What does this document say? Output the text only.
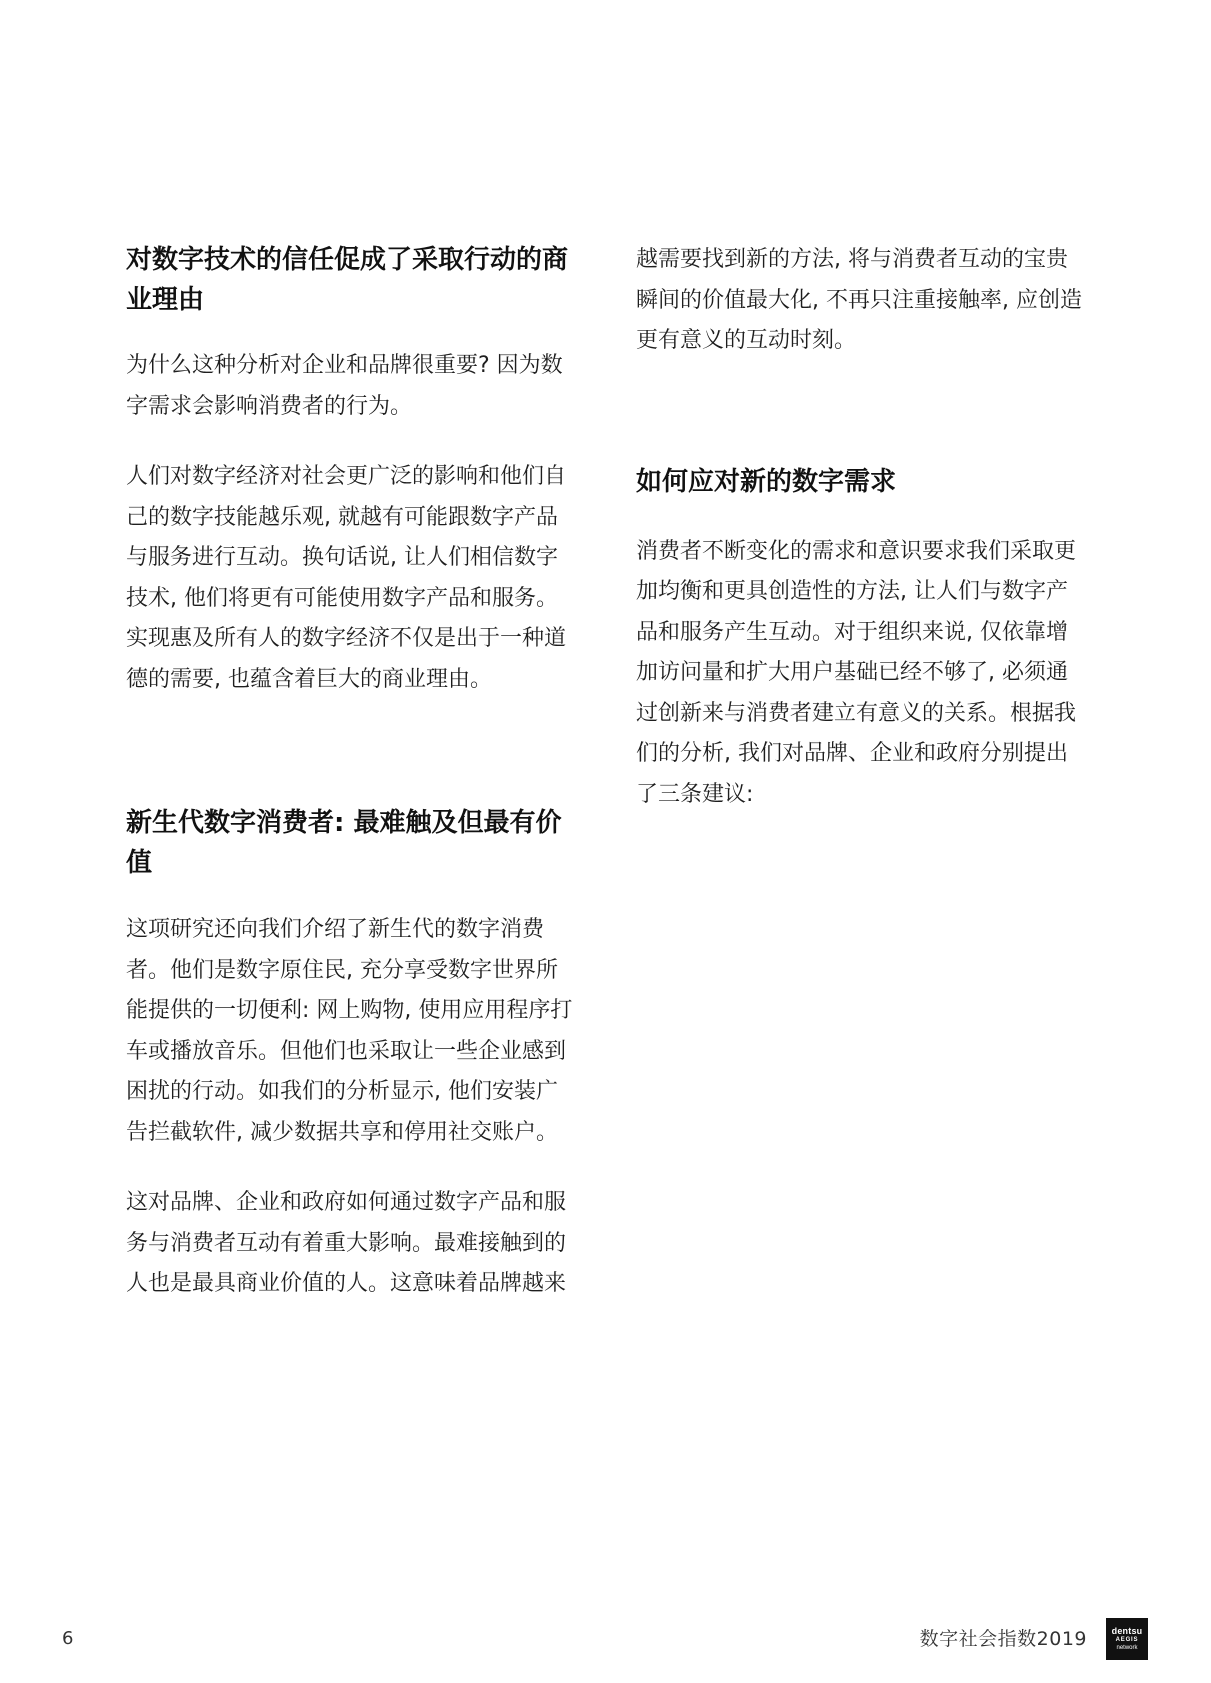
对数字技术的信任促成了采取行动的商业理由

为什么这种分析对企业和品牌很重要? 因为数字需求会影响消费者的行为。

人们对数字经济对社会更广泛的影响和他们自己的数字技能越乐观, 就越有可能跟数字产品与服务进行互动。换句话说, 让人们相信数字技术, 他们将更有可能使用数字产品和服务。实现惠及所有人的数字经济不仅是出于一种道德的需要, 也蕴含着巨大的商业理由。

新生代数字消费者: 最难触及但最有价值

这项研究还向我们介绍了新生代的数字消费者。他们是数字原住民, 充分享受数字世界所能提供的一切便利: 网上购物, 使用应用程序打车或播放音乐。但他们也采取让一些企业感到困扰的行动。如我们的分析显示, 他们安装广告拦截软件, 减少数据共享和停用社交账户。

这对品牌、企业和政府如何通过数字产品和服务与消费者互动有着重大影响。最难接触到的人也是最具商业价值的人。这意味着品牌越来

越需要找到新的方法, 将与消费者互动的宝贵瞬间的价值最大化, 不再只注重接触率, 应创造更有意义的互动时刻。

如何应对新的数字需求

消费者不断变化的需求和意识要求我们采取更加均衡和更具创造性的方法, 让人们与数字产品和服务产生互动。对于组织来说, 仅依靠增加访问量和扩大用户基础已经不够了, 必须通过创新来与消费者建立有意义的关系。根据我们的分析, 我们对品牌、企业和政府分别提出了三条建议:

6	数字社会指数2019	dentsu
AEGIS
network
